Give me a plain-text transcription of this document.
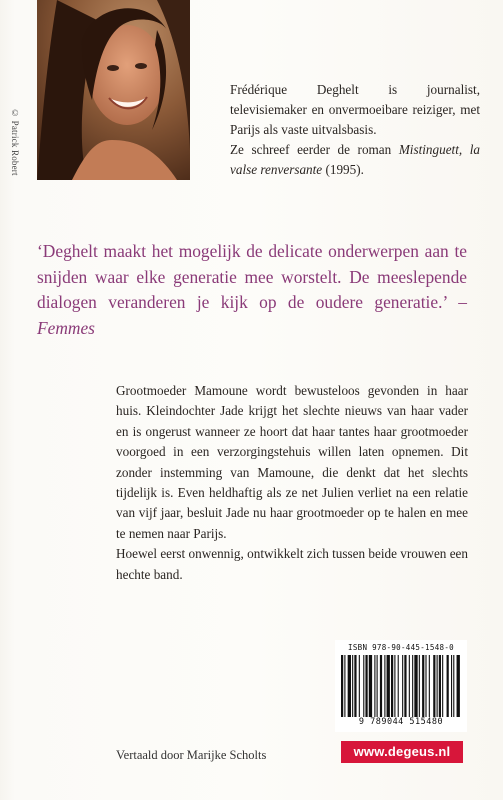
© Patrick Robert

Frédérique Deghelt is journalist, televisiemaker en onvermoeibare reiziger, met Parijs als vaste uitvalsbasis.

Ze schreef eerder de roman Mistinguett, la valse renversante (1995).

‘Deghelt maakt het mogelijk de delicate onderwerpen aan te snijden waar elke generatie mee worstelt. De meeslepende dialogen veranderen je kijk op de oudere generatie.’ – Femmes

Grootmoeder Mamoune wordt bewusteloos gevonden in haar huis. Kleindochter Jade krijgt het slechte nieuws van haar vader en is ongerust wanneer ze hoort dat haar tantes haar grootmoeder voorgoed in een verzorgingstehuis willen laten opnemen. Dit zonder instemming van Mamoune, die denkt dat het slechts tijdelijk is. Even heldhaftig als ze net Julien verliet na een relatie van vijf jaar, besluit Jade nu haar grootmoeder op te halen en mee te nemen naar Parijs.

Hoewel eerst onwennig, ontwikkelt zich tussen beide vrouwen een hechte band.

ISBN 978-90-445-1548-0
9 789044 515480
Vertaald door Marijke Scholts	www.degeus.nl
